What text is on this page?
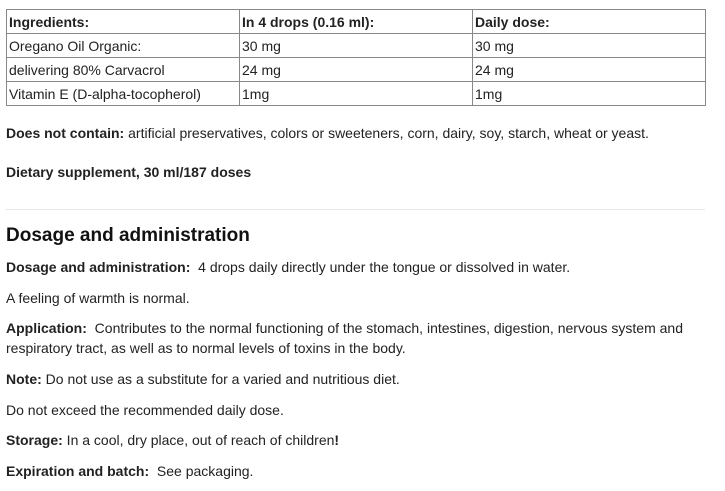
Ingredients:	In 4 drops (0.16 ml):	Daily dose:
Oregano Oil Organic:	30 mg	30 mg
delivering 80% Carvacrol	24 mg	24 mg
Vitamin E (D-alpha-tocopherol)	1mg	1mg

Does not contain: artificial preservatives, colors or sweeteners, corn, dairy, soy, starch, wheat or yeast.

Dietary supplement, 30 ml/187 doses

Dosage and administration

Dosage and administration:  4 drops daily directly under the tongue or dissolved in water.

A feeling of warmth is normal.

Application:  Contributes to the normal functioning of the stomach, intestines, digestion, nervous system and respiratory tract, as well as to normal levels of toxins in the body.

Note: Do not use as a substitute for a varied and nutritious diet.

Do not exceed the recommended daily dose.

Storage: In a cool, dry place, out of reach of children!

Expiration and batch:  See packaging.
